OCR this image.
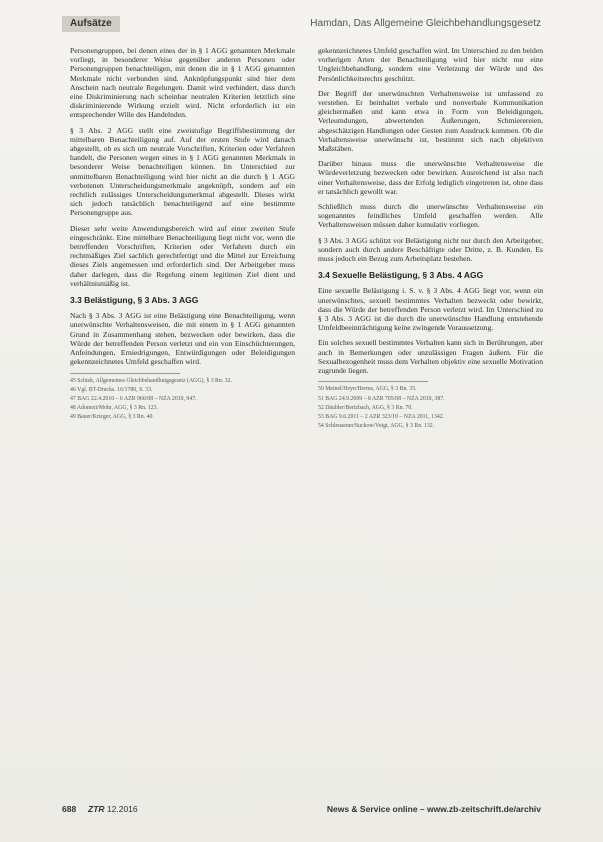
Aufsätze	Hamdan, Das Allgemeine Gleichbehandlungsgesetz

Personengruppen, bei denen eines der in § 1 AGG genannten Merkmale vorliegt, in besonderer Weise gegenüber anderen Personen oder Personengruppen benachteiligen, mit denen die in § 1 AGG genannten Merkmale nicht verbunden sind. Anknüpfungspunkt sind hier dem Anschein nach neutrale Regelungen. Damit wird verhindert, dass durch eine Diskriminierung nach scheinbar neutralen Kriterien letztlich eine diskriminierende Wirkung erzielt wird. Nicht erforderlich ist ein entsprechender Wille des Handelnden.

§ 3 Abs. 2 AGG stellt eine zweistufige Begriffsbestimmung der mittelbaren Benachteiligung auf. Auf der ersten Stufe wird danach abgestellt, ob es sich um neutrale Vorschriften, Kriterien oder Verfahren handelt, die Personen wegen eines in § 1 AGG genannten Merkmals in besonderer Weise benachteiligen können. Im Unterschied zur unmittelbaren Benachteiligung wird hier nicht an die durch § 1 AGG verbotenen Unterscheidungsmerkmale angeknüpft, sondern auf ein rechtlich zulässiges Unterscheidungsmerkmal abgestellt. Dieses wirkt sich jedoch tatsächlich benachteiligend auf eine bestimmte Personengruppe aus.

Dieser sehr weite Anwendungsbereich wird auf einer zweiten Stufe eingeschränkt. Eine mittelbare Benachteiligung liegt nicht vor, wenn die betreffenden Vorschriften, Kriterien oder Verfahren durch ein rechtmäßiges Ziel sachlich gerechtfertigt und die Mittel zur Erreichung dieses Ziels angemessen und erforderlich sind. Der Arbeitgeber muss daher darlegen, dass die Regelung einem legitimen Ziel dient und verhältnismäßig ist.

3.3 Belästigung, § 3 Abs. 3 AGG

Nach § 3 Abs. 3 AGG ist eine Belästigung eine Benachteiligung, wenn unerwünschte Verhaltensweisen, die mit einem in § 1 AGG genannten Grund in Zusammenhang stehen, bezwecken oder bewirken, dass die Würde der betreffenden Person verletzt und ein von Einschüchterungen, Anfeindungen, Erniedrigungen, Entwürdigungen oder Beleidigungen gekennzeichnetes Umfeld geschaffen wird.

45 Schiek, Allgemeines Gleichbehandlungsgesetz (AGG), § 3 Rn. 32.
46 Vgl. BT-Drucks. 16/1780, S. 33.
47 BAG 22.4.2010 – 6 AZR 966/08 – NZA 2010, 947.
48 Adomeit/Mohr, AGG, § 3 Rn. 123.
49 Bauer/Krieger, AGG, § 3 Rn. 40.

gekennzeichnetes Umfeld geschaffen wird. Im Unterschied zu den beiden vorherigen Arten der Benachteiligung wird hier nicht nur eine Ungleichbehandlung, sondern eine Verletzung der Würde und des Persönlichkeitsrechts geschützt.

Der Begriff der unerwünschten Verhaltensweise ist umfassend zu verstehen. Er beinhaltet verbale und nonverbale Kommunikation gleichermaßen und kann etwa in Form von Beleidigungen, Verleumdungen, abwertenden Äußerungen, Schmierereien, abgeschätzigen Handlungen oder Gesten zum Ausdruck kommen. Ob die Verhaltensweise unerwünscht ist, bestimmt sich nach objektiven Maßstäben.

Darüber hinaus muss die unerwünschte Verhaltensweise die Würdeverletzung bezwecken oder bewirken. Ausreichend ist also nach einer Verhaltensweise, dass der Erfolg lediglich eingetreten ist, ohne dass er tatsächlich gewollt war.

Schließlich muss durch die unerwünschte Verhaltensweise ein sogenanntes feindliches Umfeld geschaffen werden. Alle Verhaltensweisen müssen daher kumulativ vorliegen.

§ 3 Abs. 3 AGG schützt vor Belästigung nicht nur durch den Arbeitgeber, sondern auch durch andere Beschäftigte oder Dritte, z. B. Kunden. Es muss jedoch ein Bezug zum Arbeitsplatz bestehen.

3.4 Sexuelle Belästigung, § 3 Abs. 4 AGG

Eine sexuelle Belästigung i. S. v. § 3 Abs. 4 AGG liegt vor, wenn ein unerwünschtes, sexuell bestimmtes Verhalten bezweckt oder bewirkt, dass die Würde der betreffenden Person verletzt wird. Im Unterschied zu § 3 Abs. 3 AGG ist die durch die unerwünschte Handlung entstehende Umfeldbeeinträchtigung keine zwingende Voraussetzung.

Ein solches sexuell bestimmtes Verhalten kann sich in Berührungen, aber auch in Bemerkungen oder unzulässigen Fragen äußern. Für die Sexualbezogenheit muss dem Verhalten objektiv eine sexuelle Motivation zugrunde liegen.

50 Meinel/Heyn/Herms, AGG, § 3 Rn. 35.
51 BAG 24.9.2009 – 8 AZR 705/08 – NZA 2010, 387.
52 Däubler/Bertzbach, AGG, § 3 Rn. 70.
53 BAG 9.6.2011 – 2 AZR 323/10 – NZA 2011, 1342.
54 Schleusener/Suckow/Voigt, AGG, § 3 Rn. 132.
688 ZTR 12.2016	News & Service online – www.zb-zeitschrift.de/archiv
